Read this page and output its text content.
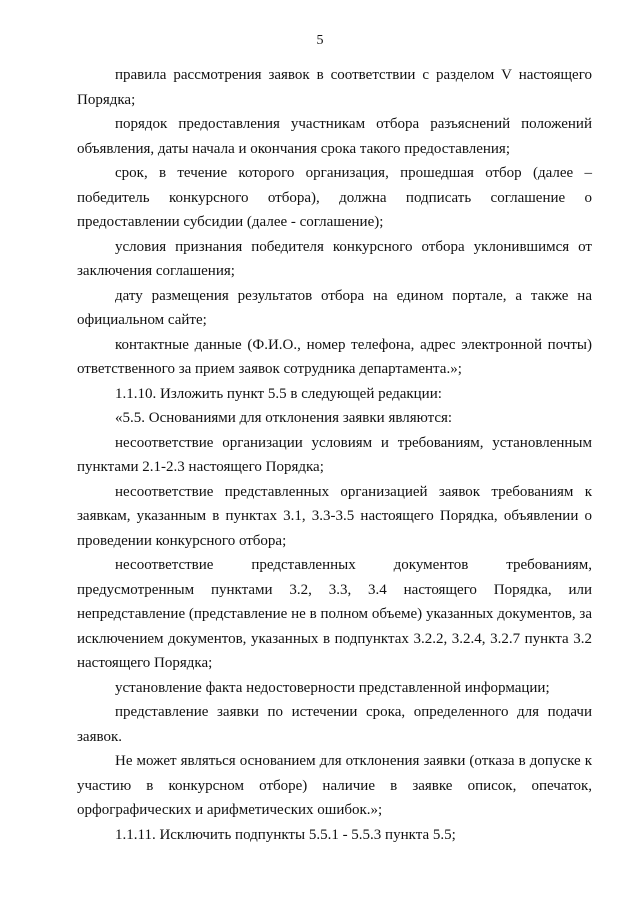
5

правила рассмотрения заявок в соответствии с разделом V настоящего Порядка;

порядок предоставления участникам отбора разъяснений положений объявления, даты начала и окончания срока такого предоставления;

срок, в течение которого организация, прошедшая отбор (далее – победитель конкурсного отбора), должна подписать соглашение о предоставлении субсидии (далее - соглашение);

условия признания победителя конкурсного отбора уклонившимся от заключения соглашения;

дату размещения результатов отбора на едином портале, а также на официальном сайте;

контактные данные (Ф.И.О., номер телефона, адрес электронной почты) ответственного за прием заявок сотрудника департамента.»;

1.1.10. Изложить пункт 5.5 в следующей редакции:

«5.5. Основаниями для отклонения заявки являются:

несоответствие организации условиям и требованиям, установленным пунктами 2.1-2.3 настоящего Порядка;

несоответствие представленных организацией заявок требованиям к заявкам, указанным в пунктах 3.1, 3.3-3.5 настоящего Порядка, объявлении о проведении конкурсного отбора;

несоответствие представленных документов требованиям, предусмотренным пунктами 3.2, 3.3, 3.4 настоящего Порядка, или непредставление (представление не в полном объеме) указанных документов, за исключением документов, указанных в подпунктах 3.2.2, 3.2.4, 3.2.7 пункта 3.2 настоящего Порядка;

установление факта недостоверности представленной информации;

представление заявки по истечении срока, определенного для подачи заявок.

Не может являться основанием для отклонения заявки (отказа в допуске к участию в конкурсном отборе) наличие в заявке описок, опечаток, орфографических и арифметических ошибок.»;

1.1.11. Исключить подпункты 5.5.1 - 5.5.3 пункта 5.5;
